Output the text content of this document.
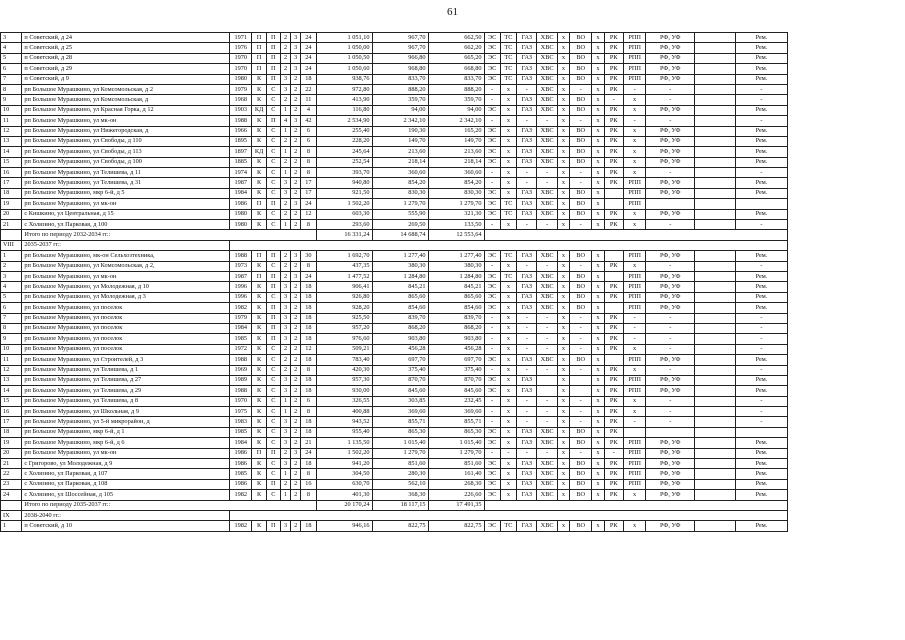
61
3	п Советский, д 24	1971	П	П	2	3	24	1 051,10	967,70	662,50	ЭС	ТС	ГАЗ	ХВС	х	ВО	х	РК	РПП	РФ, УФ		Рем.
4	п Советский, д 25	1976	П	П	2	3	24	1 050,00	967,70	662,20	ЭС	ТС	ГАЗ	ХВС	х	ВО	х	РК	РПП	РФ, УФ		Рем.
5	п Советский, д 28	1970	П	П	2	3	24	1 050,50	966,80	665,20	ЭС	ТС	ГАЗ	ХВС	х	ВО	х	РК	РПП	РФ, УФ		Рем.
6	п Советский, д 29	1970	П	П	2	3	24	1 050,60	968,80	668,80	ЭС	ТС	ГАЗ	ХВС	х	ВО	х	РК	РПП	РФ, УФ		Рем.
7	п Советский, д 9	1980	К	П	3	2	18	938,76	833,70	833,70	ЭС	ТС	ГАЗ	ХВС	х	ВО	х	РК	РПП	РФ, УФ		Рем.
8	рп Большое Мурашкино, ул Комсомольская, д 2	1979	К	С	3	2	22	972,80	888,20	888,20	-	х	-	ХВС	х	-	х	РК	-	-		-
9	рп Большое Мурашкино, ул Комсомольская, д	1968	К	С	2	2	11	413,90	359,70	359,70	-	х	ГАЗ	ХВС	х	ВО	х	-	х	-		-
10	рп Большое Мурашкино, ул Красная Горка, д 12	1903	КД	С	1	2	4	116,80	94,00	94,00	ЭС	х	ГАЗ	ХВС	х	ВО	х	РК	х	РФ, УФ		Рем.
11	рп Большое Мурашкино, ул мк-он	1988	К	П	4	3	42	2 534,90	2 342,10	2 342,10	-	х	-	-	х	-	х	РК	-	-		-
12	рп Большое Мурашкино, ул Нижегородская, д	1966	К	С	1	2	6	255,40	190,30	165,20	ЭС	х	ГАЗ	ХВС	х	ВО	х	РК	х	РФ, УФ		Рем.
13	рп Большое Мурашкино, ул Свободы, д 110	1895	К	С	2	2	6	228,20	149,70	149,70	ЭС	х	ГАЗ	ХВС	х	ВО	х	РК	х	РФ, УФ		Рем.
14	рп Большое Мурашкино, ул Свободы, д 113	1897	КД	С	1	2	8	245,64	213,60	213,60	ЭС	х	ГАЗ	ХВС	х	ВО	х	РК	х	РФ, УФ		Рем.
15	рп Большое Мурашкино, ул Свободы, д 100	1885	К	С	2	2	8	252,54	218,14	218,14	ЭС	х	ГАЗ	ХВС	х	ВО	х	РК	х	РФ, УФ		Рем.
16	рп Большое Мурашкино, ул Телишева, д 11	1974	К	С	1	2	8	393,70	360,60	360,60	-	х	-	-	х	-	х	РК	х	-		-
17	рп Большое Мурашкино, ул Телишева, д 31	1987	К	С	3	2	17	940,80	854,20	854,20	-	х	-	-	х	-	х	РК	РПП	РФ, УФ		Рем.
18	рп Большое Мурашкино, мкр 6-й, д 5	1984	К	С	3	2	17	921,50	830,30	830,30	ЭС	х	ГАЗ	ХВС	х	ВО	х		РПП	РФ, УФ		Рем.
19	рп Большое Мурашкино, ул мк-он	1986	П	П	2	3	24	1 502,20	1 279,70	1 279,70	ЭС	ТС	ГАЗ	ХВС	х	ВО	х		РПП			
20	с Кишкино, ул Центральная, д 15	1980	К	С	2	2	12	603,30	555,90	321,30	ЭС	ТС	ГАЗ	ХВС	х	ВО	х	РК	х	РФ, УФ		Рем.
21	с Холязино, ул Парковая, д 100	1980	К	С	1	2	8	293,60	269,50	133,50	-	х	-	-	х	-	х	РК	х	-		-
	Итого по периоду 2032-2034 гг.:							16 331,24	14 688,74	12 553,64												
VIII	2035-2037 гг.:																					
1	рп Большое Мурашкино, мк-он Сельхозтехника,	1988	П	П	2	3	30	1 692,70	1 277,40	1 277,40	ЭС	ТС	ГАЗ	ХВС	х	ВО	х		РПП	РФ, УФ		Рем.
2	рп Большое Мурашкино, ул Комсомольская, д 2,	1973	К	С	2	2	8	437,35	380,30	380,30	-	х	-	-	х	-	х	РК	х	-		-
3	рп Большое Мурашкино, ул мк-он	1987	П	П	2	3	24	1 477,52	1 284,80	1 284,80	ЭС	ТС	ГАЗ	ХВС	х	ВО	х		РПП	РФ, УФ		Рем.
4	рп Большое Мурашкино, ул Молодежная, д 10	1996	К	П	3	2	18	906,41	845,21	845,21	ЭС	х	ГАЗ	ХВС	х	ВО	х	РК	РПП	РФ, УФ		Рем.
5	рп Большое Мурашкино, ул Молодежная, д 3	1996	К	С	3	2	18	926,80	865,60	865,60	ЭС	х	ГАЗ	ХВС	х	ВО	х	РК	РПП	РФ, УФ		Рем.
6	рп Большое Мурашкино, ул поселок	1982	К	П	3	2	18	928,20	854,60	854,60	ЭС	х	ГАЗ	ХВС	х	ВО	х		РПП	РФ, УФ		Рем.
7	рп Большое Мурашкино, ул поселок	1979	К	П	3	2	18	925,50	839,70	839,70	-	х	-	-	х	-	х	РК	-	-		-
8	рп Большое Мурашкино, ул поселок	1984	К	П	3	2	18	957,20	868,20	868,20	-	х	-	-	х	-	х	РК	-	-		-
9	рп Большое Мурашкино, ул поселок	1985	К	П	3	2	18	976,60	903,80	903,80	-	х	-	-	х	-	х	РК	-	-		-
10	рп Большое Мурашкино, ул поселок	1972	К	С	2	2	12	509,21	456,28	456,28	-	х	-	-	х	-	х	РК	х	-		-
11	рп Большое Мурашкино, ул Строителей, д 3	1988	К	С	2	2	18	783,40	697,70	697,70	ЭС	х	ГАЗ	ХВС	х	ВО	х		РПП	РФ, УФ		Рем.
12	рп Большое Мурашкино, ул Телишева, д 1	1969	К	С	2	2	8	420,30	375,40	375,40	-	х	-	-	х	-	х	РК	х	-		-
13	рп Большое Мурашкино, ул Телишева, д 27	1989	К	С	3	2	18	957,30	870,70	870,70	ЭС	х	ГАЗ		х		х	РК	РПП	РФ, УФ		Рем.
14	рп Большое Мурашкино, ул Телишева, д 29	1988	К	С	3	2	18	930,00	845,60	845,60	ЭС	х	ГАЗ		х		х	РК	РПП	РФ, УФ		Рем.
15	рп Большое Мурашкино, ул Телишева, д 8	1970	К	С	1	2	6	326,55	303,85	232,45	-	х	-	-	х	-	х	РК	х	-		-
16	рп Большое Мурашкино, ул Школьная, д 9	1975	К	С	1	2	8	400,88	369,60	369,60	-	х	-	-	х	-	х	РК	х	-		-
17	рп Большое Мурашкино, ул 5-й микрорайон, д	1983	К	С	3	2	18	943,52	855,71	855,71	-	х	-	-	х	-	х	РК	-	-		-
18	рп Большое Мурашкино, мкр 6-й, д 1	1985	К	С	3	2	18	955,40	865,30	865,30	ЭС	х	ГАЗ	ХВС	х	ВО	х	РК				
19	рп Большое Мурашкино, мкр 6-й, д 6	1984	К	С	3	2	21	1 135,50	1 015,40	1 015,40	ЭС	х	ГАЗ	ХВС	х	ВО	х	РК	РПП	РФ, УФ		Рем.
20	рп Большое Мурашкино, ул мк-он	1986	П	П	2	3	24	1 502,20	1 279,70	1 279,70	-	-	-	-	х	-	х	-	РПП	РФ, УФ		Рем.
21	с Григорово, ул Молодежная, д 9	1986	К	С	3	2	18	941,20	851,60	851,60	ЭС	х	ГАЗ	ХВС	х	ВО	х	РК	РПП	РФ, УФ		Рем.
22	с Холязино, ул Парковая, д 107	1985	К	С	1	2	8	304,50	280,30	161,40	ЭС	х	ГАЗ	ХВС	х	ВО	х	РК	РПП	РФ, УФ		Рем.
23	с Холязино, ул Парковая, д 108	1986	К	П	2	2	16	630,70	562,10	268,30	ЭС	х	ГАЗ	ХВС	х	ВО	х	РК	РПП	РФ, УФ		Рем.
24	с Холязино, ул Шоссейная, д 105	1982	К	С	1	2	8	401,30	368,30	226,60	ЭС	х	ГАЗ	ХВС	х	ВО	х	РК	х	РФ, УФ		Рем.
	Итого по периоду 2035-2037 гг.:							20 170,24	18 117,15	17 491,35												
IX	2038-2040 гг.:																					
1	п Советский, д 10	1982	К	П	3	2	18	946,16	822,75	822,75	ЭС	ТС	ГАЗ	ХВС	х	ВО	х	РК	х	РФ, УФ		Рем.
